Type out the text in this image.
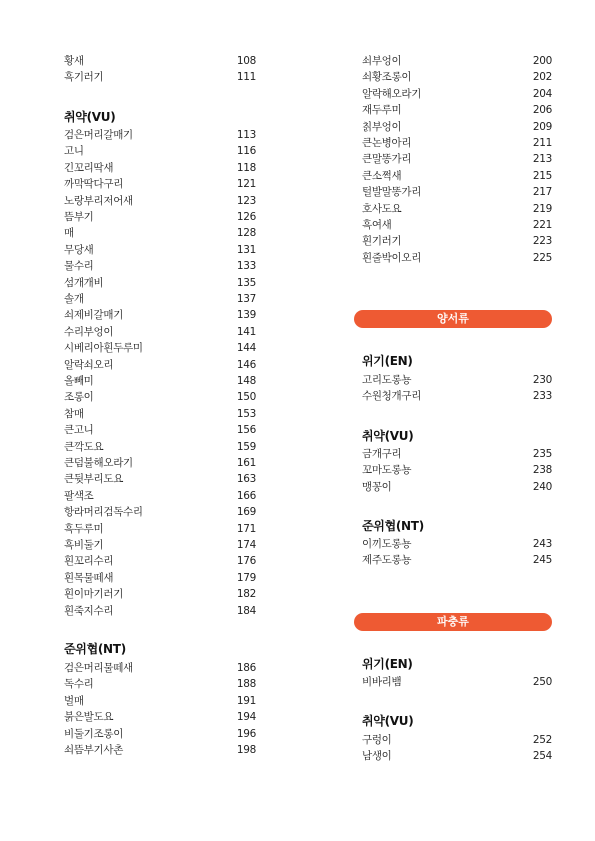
황새	108
흑기러기	111
취약(VU)
검은머리갈매기	113
고니	116
긴꼬리딱새	118
까막딱다구리	121
노랑부리저어새	123
뜸부기	126
매	128
무당새	131
물수리	133
섬개개비	135
솔개	137
쇠제비갈매기	139
수리부엉이	141
시베리아흰두루미	144
알락쇠오리	146
올빼미	148
조롱이	150
참매	153
큰고니	156
큰깍도요	159
큰덤불해오라기	161
큰뒷부리도요	163
팔색조	166
항라머리검독수리	169
흑두루미	171
흑비둘기	174
흰꼬리수리	176
흰목물떼새	179
흰이마기러기	182
흰죽지수리	184
준위협(NT)
검은머리물떼새	186
독수리	188
벌매	191
붉은발도요	194
비둘기조롱이	196
쇠뜸부기사촌	198
쇠부엉이	200
쇠황조롱이	202
알락해오라기	204
재두루미	206
칡부엉이	209
큰논병아리	211
큰말똥가리	213
큰소쩍새	215
털발말똥가리	217
호사도요	219
흑여새	221
흰기러기	223
흰줄박이오리	225
위기(EN)
고리도롱뇽	230
수원청개구리	233
취약(VU)
금개구리	235
꼬마도롱뇽	238
맹꽁이	240
준위협(NT)
이끼도롱뇽	243
제주도롱뇽	245
위기(EN)
비바리뱀	250
취약(VU)
구렁이	252
남생이	254
양서류
파충류
